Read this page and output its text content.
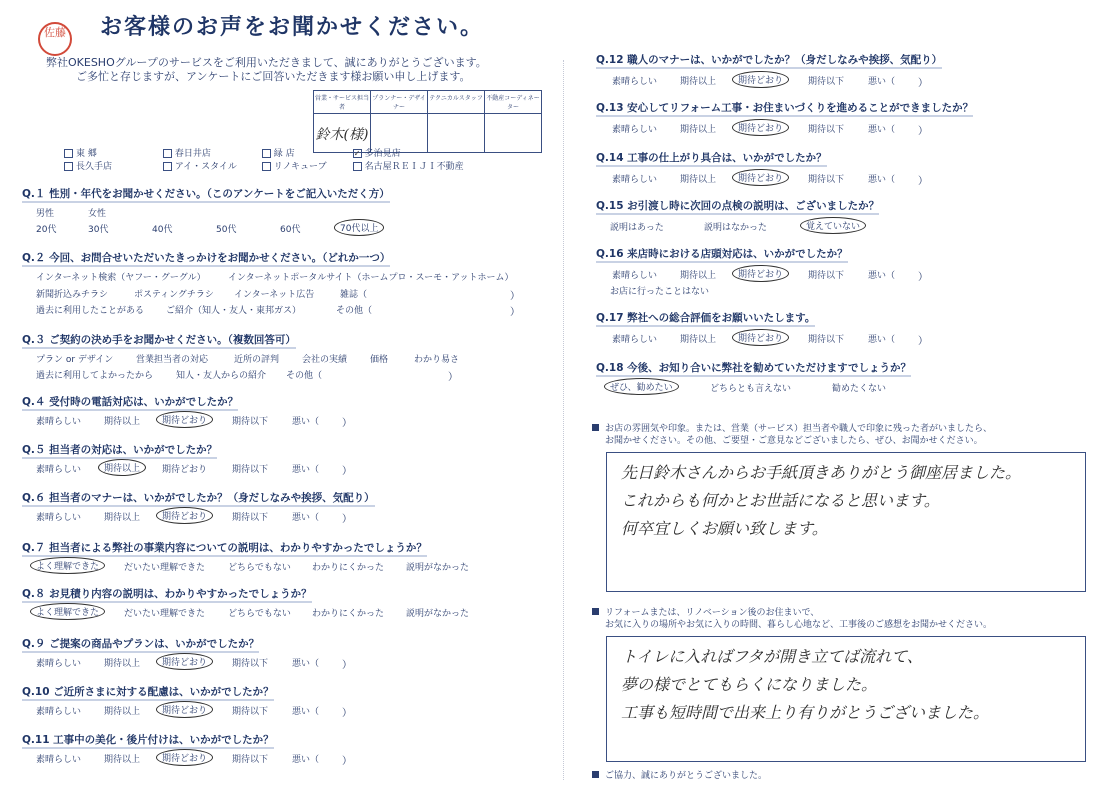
佐藤 お客様のお声をお聞かせください。
弊社OKESHOグループのサービスをご利用いただきまして、誠にありがとうございます。
ご多忙と存じますが、アンケートにご回答いただきます様お願い申し上げます。
営業・サービス担当者	プランナー・デザイナー	テクニカルスタッフ	不動産コーディネーター

鈴木(様)			

東 郷	春日井店	緑 店	✓ 多治見店
長久手店	アイ・スタイル	リノキューブ	名古屋ＲＥＩＪＩ不動産
Q.１ 性別・年代をお聞かせください。（このアンケートをご記入いただく方）
男性	女性
20代	30代	40代	50代	60代	70代以上
Q.２ 今回、お問合せいただいたきっかけをお聞かせください。（どれか一つ）
インターネット検索（ヤフー・グーグル） インターネットポータルサイト（ホームプロ・スーモ・アットホーム）
新聞折込みチラシ	ポスティングチラシ インターネット広告	雑誌（	）
過去に利用したことがある ご紹介（知人・友人・東邦ガス）	その他（	）
Q.３ ご契約の決め手をお聞かせください。（複数回答可）
プラン or デザイン	営業担当者の対応	近所の評判	会社の実績	価格	わかり易さ
過去に利用してよかったから	知人・友人からの紹介 その他（	）
Q.４ 受付時の電話対応は、いかがでしたか？
素晴らしい	期待以上	期待どおり	期待以下	悪い（ ）
Q.５ 担当者の対応は、いかがでしたか？
素晴らしい	期待以上	期待どおり	期待以下	悪い（ ）
Q.６ 担当者のマナーは、いかがでしたか？（身だしなみや挨拶、気配り）
素晴らしい	期待以上	期待どおり	期待以下	悪い（ ）
Q.９ ご提案の商品やプランは、いかがでしたか？
素晴らしい	期待以上	期待どおり	期待以下	悪い（ ）
Q.10 ご近所さまに対する配慮は、いかがでしたか？
素晴らしい	期待以上	期待どおり	期待以下	悪い（ ）
Q.11 工事中の美化・後片付けは、いかがでしたか？
素晴らしい	期待以上	期待どおり	期待以下	悪い（ ）
Q.７ 担当者による弊社の事業内容についての説明は、わかりやすかったでしょうか？
よく理解できた	だいたい理解できた	どちらでもない わかりにくかった 説明がなかった
Q.８ お見積り内容の説明は、わかりやすかったでしょうか？
よく理解できた	だいたい理解できた	どちらでもない わかりにくかった 説明がなかった
Q.12 職人のマナーは、いかがでしたか？（身だしなみや挨拶、気配り）
素晴らしい	期待以上	期待どおり	期待以下	悪い（ ）
Q.13 安心してリフォーム工事・お住まいづくりを進めることができましたか？
素晴らしい	期待以上	期待どおり	期待以下	悪い（ ）
Q.14 工事の仕上がり具合は、いかがでしたか？
素晴らしい	期待以上	期待どおり	期待以下	悪い（ ）
Q.16 来店時における店頭対応は、いかがでしたか？
素晴らしい	期待以上	期待どおり	期待以下	悪い（ ）
Q.17 弊社への総合評価をお願いいたします。
素晴らしい	期待以上	期待どおり	期待以下	悪い（ ）
Q.15 お引渡し時に次回の点検の説明は、ございましたか？
説明はあった	説明はなかった	覚えていない
お店に行ったことはない
Q.18 今後、お知り合いに弊社を勧めていただけますでしょうか？
ぜひ、勧めたい	どちらとも言えない	勧めたくない
お店の雰囲気や印象。または、営業（サービス）担当者や職人で印象に残った者がいましたら、
お聞かせください。その他、ご要望・ご意見などございましたら、ぜひ、お聞かせください。
先日鈴木さんからお手紙頂きありがとう御座居ました。
これからも何かとお世話になると思います。
何卒宜しくお願い致します。
リフォームまたは、リノベーション後のお住まいで、
お気に入りの場所やお気に入りの時間、暮らし心地など、工事後のご感想をお聞かせください。
トイレに入ればフタが開き立てば流れて、
夢の様でとてもらくになりました。
工事も短時間で出来上り有りがとうございました。
ご協力、誠にありがとうございました。
